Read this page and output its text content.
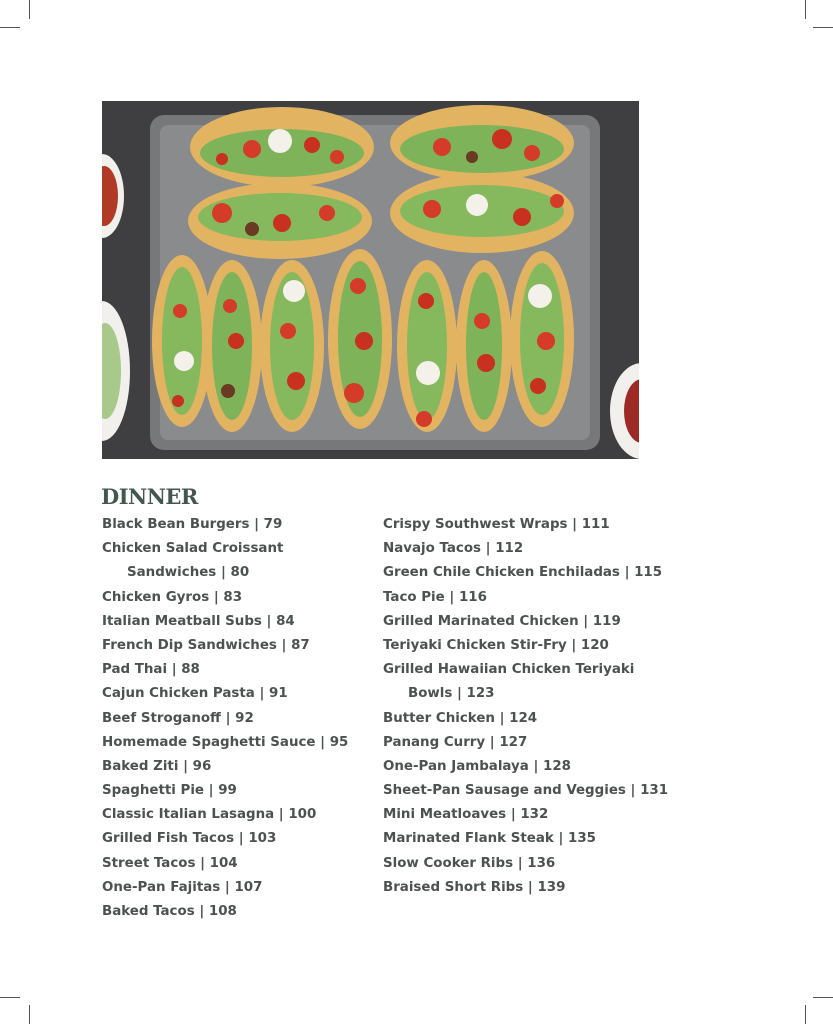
DINNER
Black Bean Burgers | 79
Chicken Salad Croissant
Sandwiches | 80
Chicken Gyros | 83
Italian Meatball Subs | 84
French Dip Sandwiches | 87
Pad Thai | 88
Cajun Chicken Pasta | 91
Beef Stroganoff | 92
Homemade Spaghetti Sauce | 95
Baked Ziti | 96
Spaghetti Pie | 99
Classic Italian Lasagna | 100
Grilled Fish Tacos | 103
Street Tacos | 104
One-Pan Fajitas | 107
Baked Tacos | 108
Crispy Southwest Wraps | 111
Navajo Tacos | 112
Green Chile Chicken Enchiladas | 115
Taco Pie | 116
Grilled Marinated Chicken | 119
Teriyaki Chicken Stir-Fry | 120
Grilled Hawaiian Chicken Teriyaki
Bowls | 123
Butter Chicken | 124
Panang Curry | 127
One-Pan Jambalaya | 128
Sheet-Pan Sausage and Veggies | 131
Mini Meatloaves | 132
Marinated Flank Steak | 135
Slow Cooker Ribs | 136
Braised Short Ribs | 139
